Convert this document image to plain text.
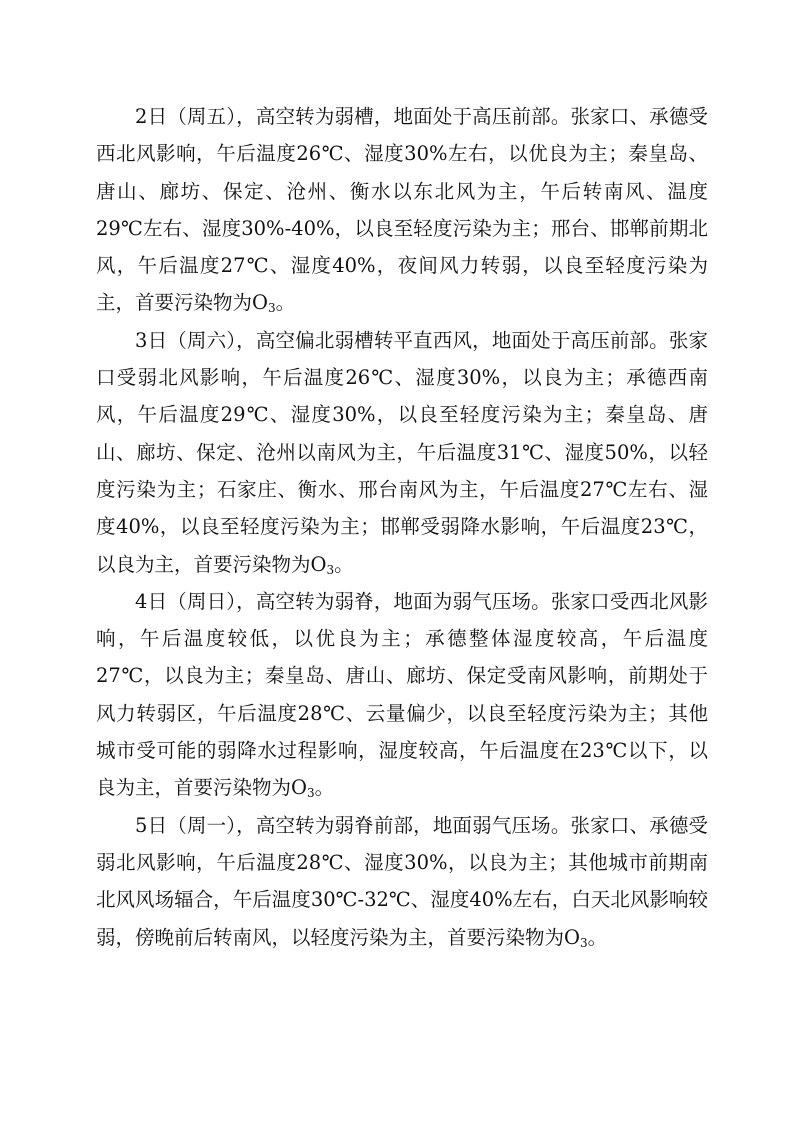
2日（周五），高空转为弱槽，地面处于高压前部。张家口、承德受西北风影响，午后温度26℃、湿度30%左右，以优良为主；秦皇岛、唐山、廊坊、保定、沧州、衡水以东北风为主，午后转南风、温度29℃左右、湿度30%-40%，以良至轻度污染为主；邢台、邯郸前期北风，午后温度27℃、湿度40%，夜间风力转弱，以良至轻度污染为主，首要污染物为$O_3$。

3日（周六），高空偏北弱槽转平直西风，地面处于高压前部。张家口受弱北风影响，午后温度26℃、湿度30%，以良为主；承德西南风，午后温度29℃、湿度30%，以良至轻度污染为主；秦皇岛、唐山、廊坊、保定、沧州以南风为主，午后温度31℃、湿度50%，以轻度污染为主；石家庄、衡水、邢台南风为主，午后温度27℃左右、湿度40%，以良至轻度污染为主；邯郸受弱降水影响，午后温度23℃，以良为主，首要污染物为$O_3$。

4日（周日），高空转为弱脊，地面为弱气压场。张家口受西北风影响，午后温度较低，以优良为主；承德整体湿度较高，午后温度27℃，以良为主；秦皇岛、唐山、廊坊、保定受南风影响，前期处于风力转弱区，午后温度28℃、云量偏少，以良至轻度污染为主；其他城市受可能的弱降水过程影响，湿度较高，午后温度在23℃以下，以良为主，首要污染物为$O_3$。

5日（周一），高空转为弱脊前部，地面弱气压场。张家口、承德受弱北风影响，午后温度28℃、湿度30%，以良为主；其他城市前期南北风风场辐合，午后温度30℃-32℃、湿度40%左右，白天北风影响较弱，傍晚前后转南风，以轻度污染为主，首要污染物为$O_3$。
